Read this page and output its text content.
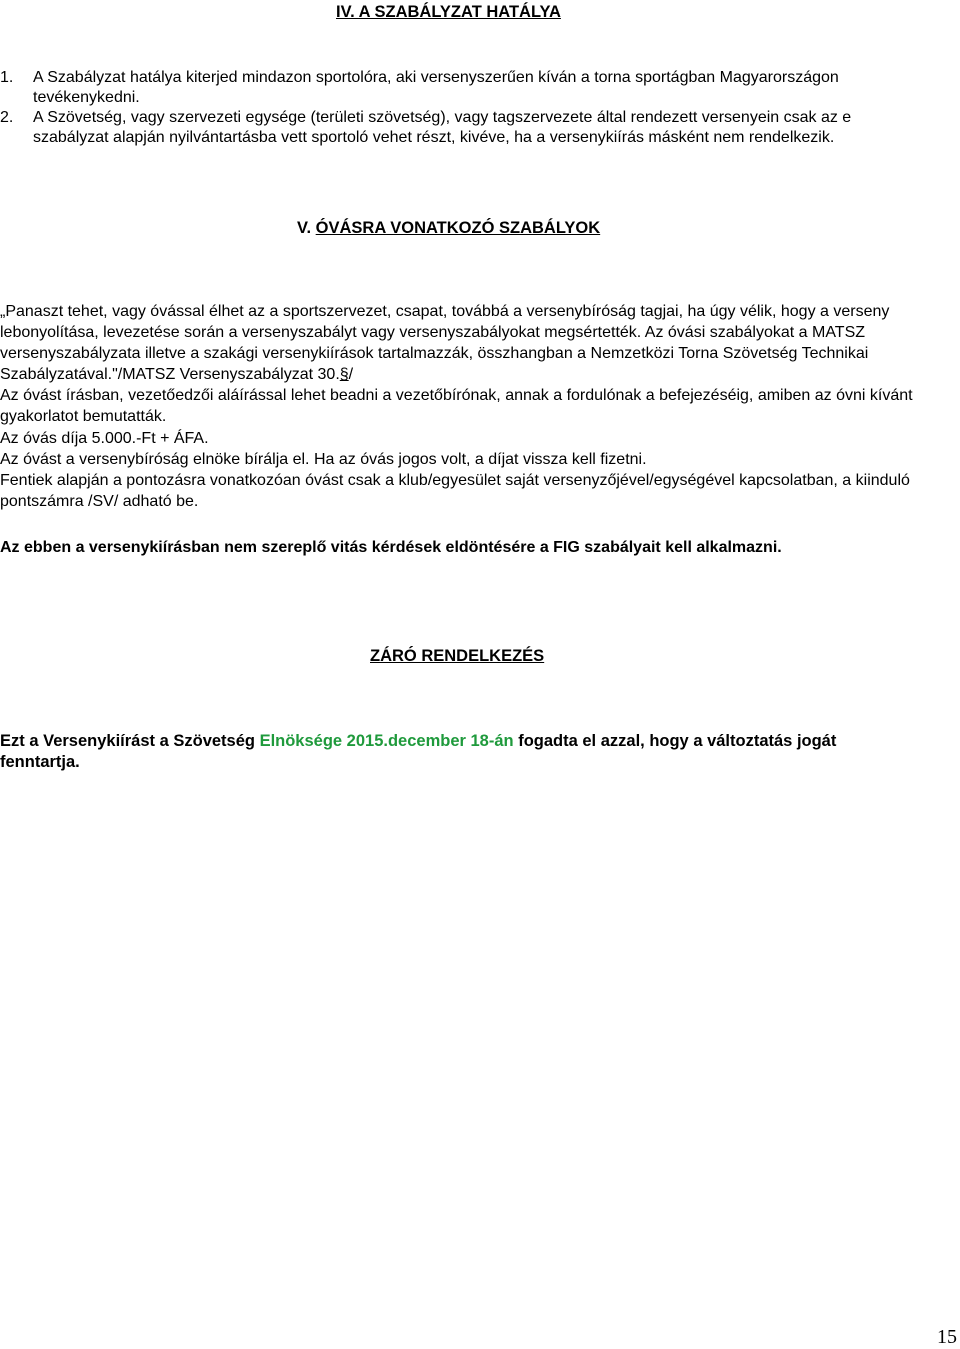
IV. A SZABÁLYZAT HATÁLYA
1. A Szabályzat hatálya kiterjed mindazon sportolóra, aki versenyszerűen kíván a torna sportágban Magyarországon tevékenykedni.
2. A Szövetség, vagy szervezeti egysége (területi szövetség), vagy tagszervezete által rendezett versenyein csak az e szabályzat alapján nyilvántartásba vett sportoló vehet részt, kivéve, ha a versenykiírás másként nem rendelkezik.
V. ÓVÁSRA VONATKOZÓ SZABÁLYOK

„Panaszt tehet, vagy óvással élhet az a sportszervezet, csapat, továbbá a versenybíróság tagjai, ha úgy vélik, hogy a verseny lebonyolítása, levezetése során a versenyszabályt vagy versenyszabályokat megsértették. Az óvási szabályokat a MATSZ versenyszabályzata illetve a szakági versenykiírások tartalmazzák, összhangban a Nemzetközi Torna Szövetség Technikai Szabályzatával."/MATSZ Versenyszabályzat 30.§/

Az óvást írásban, vezetőedzői aláírással lehet beadni a vezetőbírónak, annak a fordulónak a befejezéséig, amiben az óvni kívánt gyakorlatot bemutatták.

Az óvás díja 5.000.-Ft + ÁFA.

Az óvást a versenybíróság elnöke bírálja el. Ha az óvás jogos volt, a díjat vissza kell fizetni.

Fentiek alapján a pontozásra vonatkozóan óvást csak a klub/egyesület saját versenyzőjével/egységével kapcsolatban, a kiinduló pontszámra /SV/ adható be.

Az ebben a versenykiírásban nem szereplő vitás kérdések eldöntésére a FIG szabályait kell alkalmazni.
ZÁRÓ RENDELKEZÉS
Ezt a Versenykiírást a Szövetség Elnöksége 2015.december 18-án fogadta el azzal, hogy a változtatás jogát fenntartja.
15
